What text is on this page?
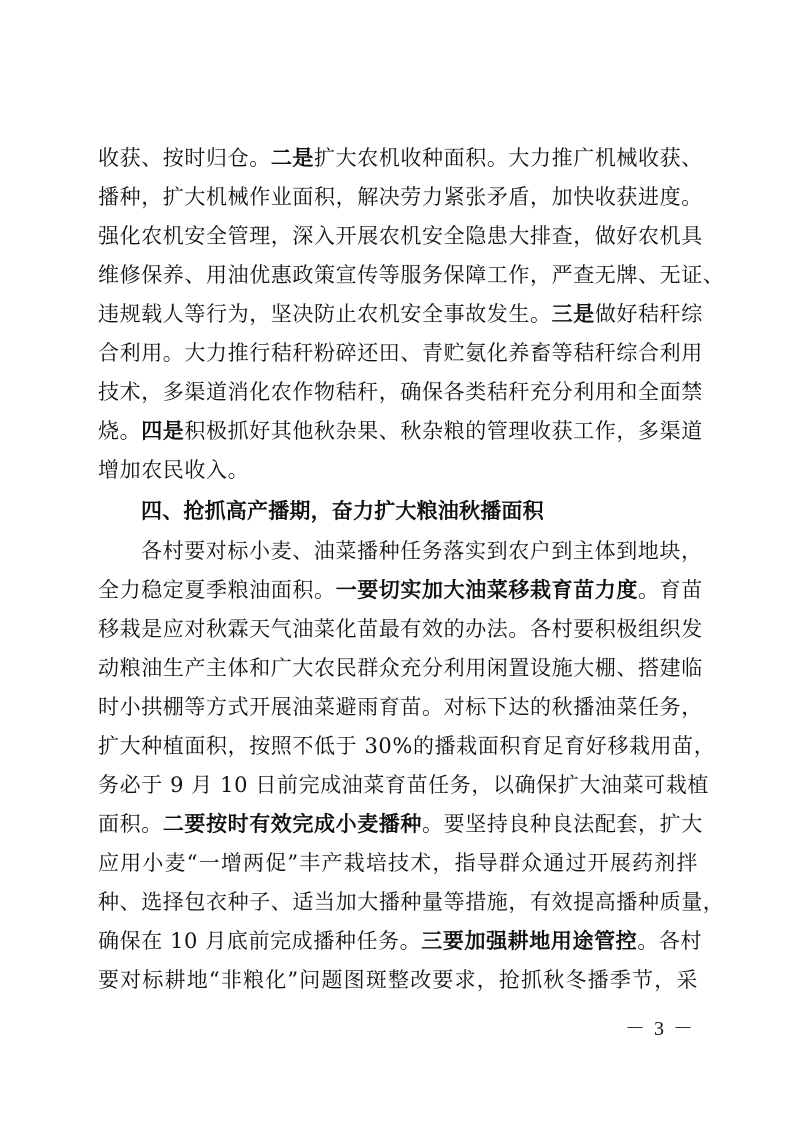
收获、按时归仓。二是扩大农机收种面积。大力推广机械收获、
播种，扩大机械作业面积，解决劳力紧张矛盾，加快收获进度。
强化农机安全管理，深入开展农机安全隐患大排查，做好农机具
维修保养、用油优惠政策宣传等服务保障工作，严查无牌、无证、
违规载人等行为，坚决防止农机安全事故发生。三是做好秸秆综
合利用。大力推行秸秆粉碎还田、青贮氨化养畜等秸秆综合利用
技术，多渠道消化农作物秸秆，确保各类秸秆充分利用和全面禁
烧。四是积极抓好其他秋杂果、秋杂粮的管理收获工作，多渠道
增加农民收入。
四、抢抓高产播期，奋力扩大粮油秋播面积
各村要对标小麦、油菜播种任务落实到农户到主体到地块，
全力稳定夏季粮油面积。一要切实加大油菜移栽育苗力度。育苗
移栽是应对秋霖天气油菜化苗最有效的办法。各村要积极组织发
动粮油生产主体和广大农民群众充分利用闲置设施大棚、搭建临
时小拱棚等方式开展油菜避雨育苗。对标下达的秋播油菜任务，
扩大种植面积，按照不低于 30%的播栽面积育足育好移栽用苗，
务必于 9 月 10 日前完成油菜育苗任务，以确保扩大油菜可栽植
面积。二要按时有效完成小麦播种。要坚持良种良法配套，扩大
应用小麦“一增两促”丰产栽培技术，指导群众通过开展药剂拌
种、选择包衣种子、适当加大播种量等措施，有效提高播种质量，
确保在 10 月底前完成播种任务。三要加强耕地用途管控。各村
要对标耕地“非粮化”问题图斑整改要求，抢抓秋冬播季节，采
－ 3 －
